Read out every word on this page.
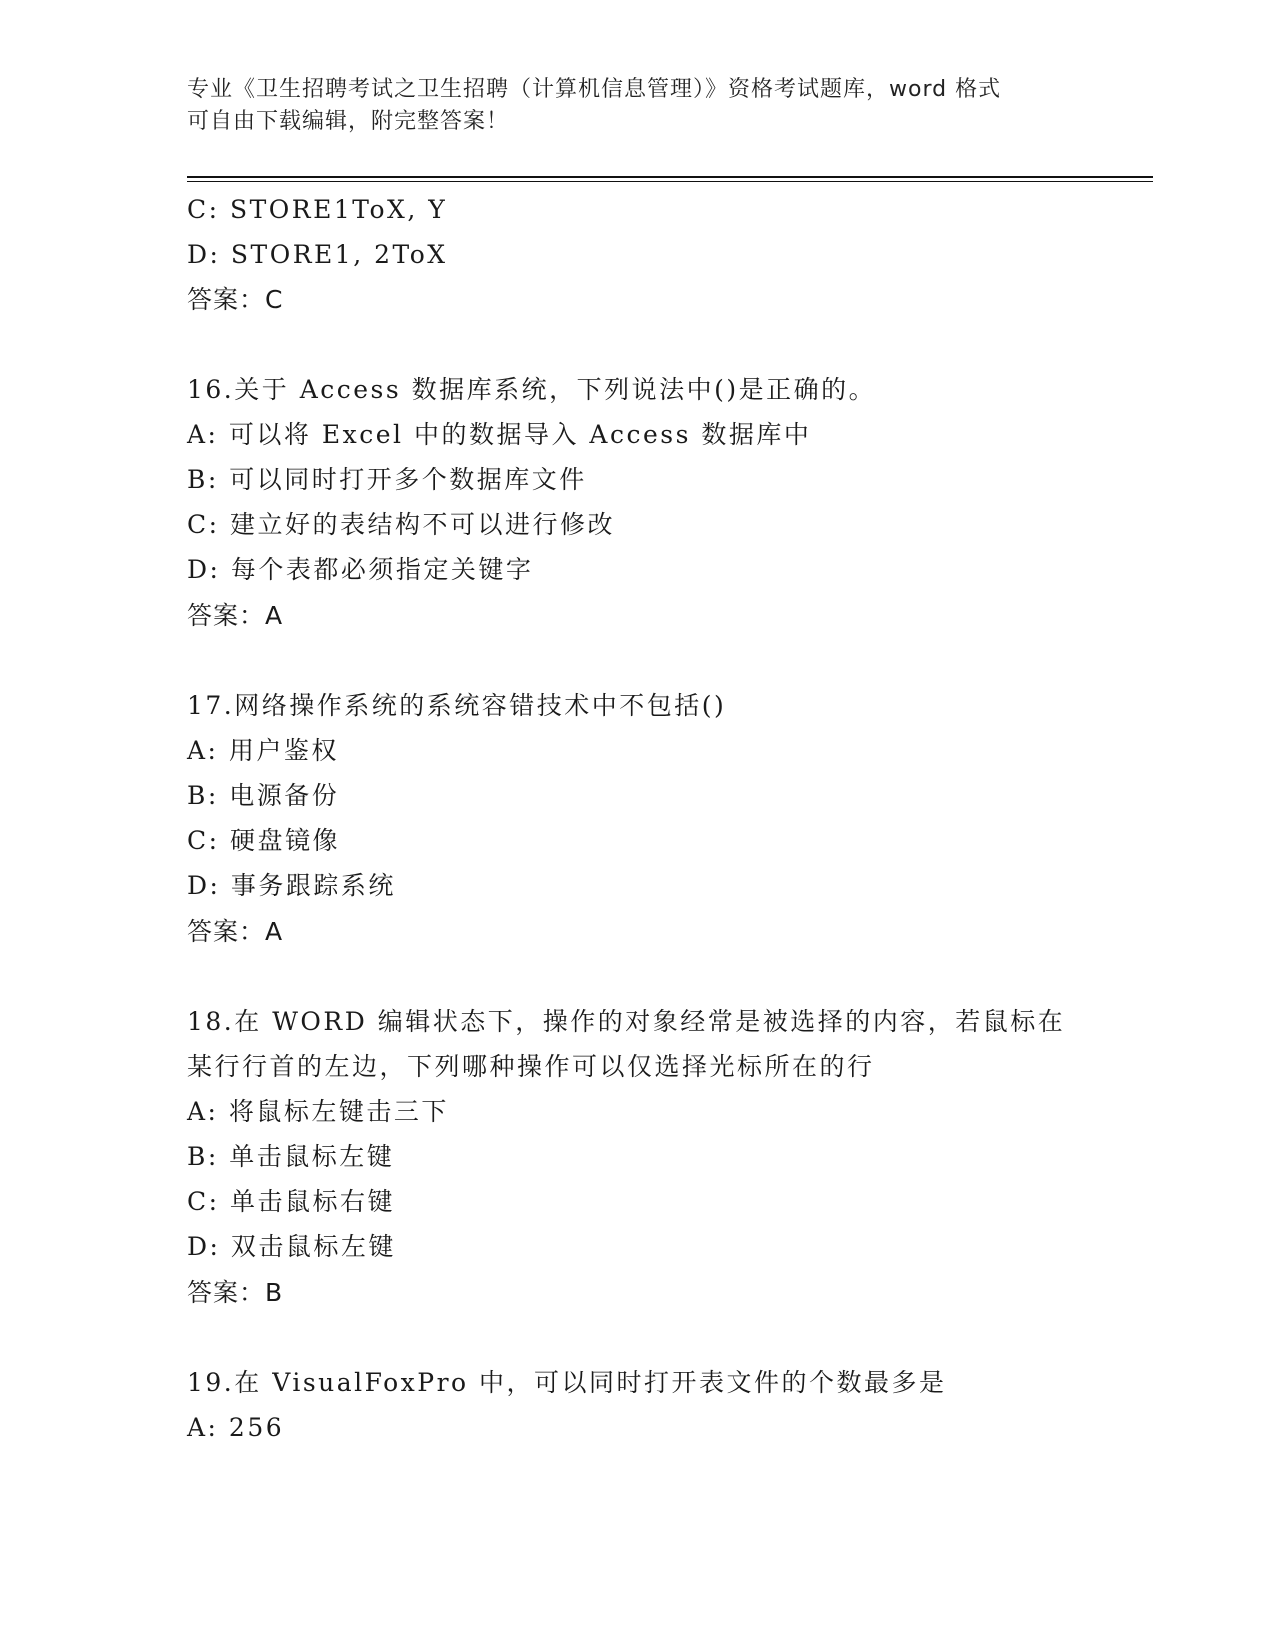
专业《卫生招聘考试之卫生招聘（计算机信息管理）》资格考试题库，word 格式
可自由下载编辑，附完整答案！
C: STORE1ToX, Y
D: STORE1, 2ToX
答案：C
16.关于 Access 数据库系统，下列说法中()是正确的。
A: 可以将 Excel 中的数据导入 Access 数据库中
B: 可以同时打开多个数据库文件
C: 建立好的表结构不可以进行修改
D: 每个表都必须指定关键字
答案：A
17.网络操作系统的系统容错技术中不包括()
A: 用户鉴权
B: 电源备份
C: 硬盘镜像
D: 事务跟踪系统
答案：A
18.在 WORD 编辑状态下，操作的对象经常是被选择的内容，若鼠标在
某行行首的左边，下列哪种操作可以仅选择光标所在的行
A: 将鼠标左键击三下
B: 单击鼠标左键
C: 单击鼠标右键
D: 双击鼠标左键
答案：B
19.在 VisualFoxPro 中，可以同时打开表文件的个数最多是
A: 256
